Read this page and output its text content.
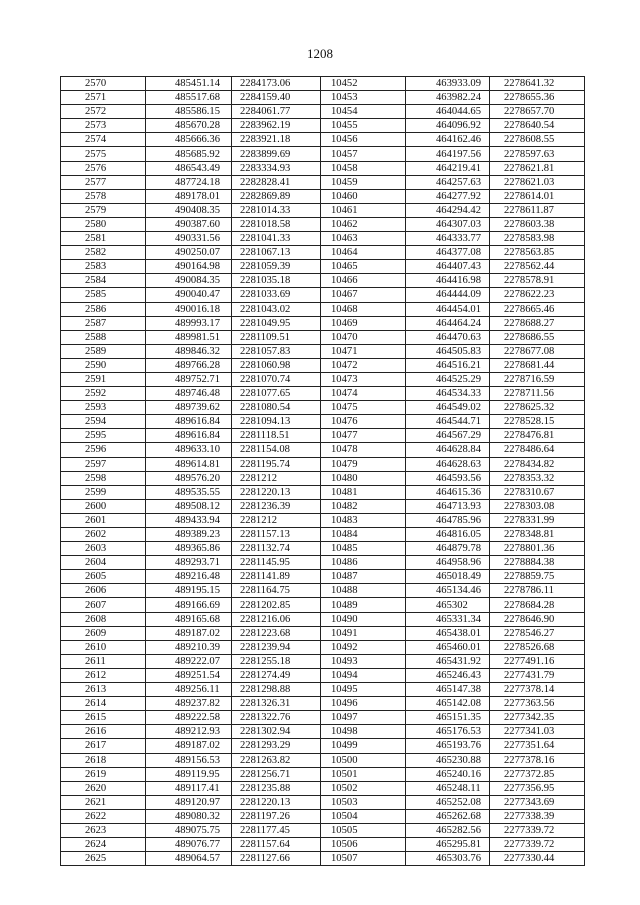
1208
2570	485451.14	2284173.06	10452	463933.09	2278641.32
2571	485517.68	2284159.40	10453	463982.24	2278655.36
2572	485586.15	2284061.77	10454	464044.65	2278657.70
2573	485670.28	2283962.19	10455	464096.92	2278640.54
2574	485666.36	2283921.18	10456	464162.46	2278608.55
2575	485685.92	2283899.69	10457	464197.56	2278597.63
2576	486543.49	2283334.93	10458	464219.41	2278621.81
2577	487724.18	2282828.41	10459	464257.63	2278621.03
2578	489178.01	2282869.89	10460	464277.92	2278614.01
2579	490408.35	2281014.33	10461	464294.42	2278611.87
2580	490387.60	2281018.58	10462	464307.03	2278603.38
2581	490331.56	2281041.33	10463	464333.77	2278583.98
2582	490250.07	2281067.13	10464	464377.08	2278563.85
2583	490164.98	2281059.39	10465	464407.43	2278562.44
2584	490084.35	2281035.18	10466	464416.98	2278578.91
2585	490040.47	2281033.69	10467	464444.09	2278622.23
2586	490016.18	2281043.02	10468	464454.01	2278665.46
2587	489993.17	2281049.95	10469	464464.24	2278688.27
2588	489981.51	2281109.51	10470	464470.63	2278686.55
2589	489846.32	2281057.83	10471	464505.83	2278677.08
2590	489766.28	2281060.98	10472	464516.21	2278681.44
2591	489752.71	2281070.74	10473	464525.29	2278716.59
2592	489746.48	2281077.65	10474	464534.33	2278711.56
2593	489739.62	2281080.54	10475	464549.02	2278625.32
2594	489616.84	2281094.13	10476	464544.71	2278528.15
2595	489616.84	2281118.51	10477	464567.29	2278476.81
2596	489633.10	2281154.08	10478	464628.84	2278486.64
2597	489614.81	2281195.74	10479	464628.63	2278434.82
2598	489576.20	2281212	10480	464593.56	2278353.32
2599	489535.55	2281220.13	10481	464615.36	2278310.67
2600	489508.12	2281236.39	10482	464713.93	2278303.08
2601	489433.94	2281212	10483	464785.96	2278331.99
2602	489389.23	2281157.13	10484	464816.05	2278348.81
2603	489365.86	2281132.74	10485	464879.78	2278801.36
2604	489293.71	2281145.95	10486	464958.96	2278884.38
2605	489216.48	2281141.89	10487	465018.49	2278859.75
2606	489195.15	2281164.75	10488	465134.46	2278786.11
2607	489166.69	2281202.85	10489	465302	2278684.28
2608	489165.68	2281216.06	10490	465331.34	2278646.90
2609	489187.02	2281223.68	10491	465438.01	2278546.27
2610	489210.39	2281239.94	10492	465460.01	2278526.68
2611	489222.07	2281255.18	10493	465431.92	2277491.16
2612	489251.54	2281274.49	10494	465246.43	2277431.79
2613	489256.11	2281298.88	10495	465147.38	2277378.14
2614	489237.82	2281326.31	10496	465142.08	2277363.56
2615	489222.58	2281322.76	10497	465151.35	2277342.35
2616	489212.93	2281302.94	10498	465176.53	2277341.03
2617	489187.02	2281293.29	10499	465193.76	2277351.64
2618	489156.53	2281263.82	10500	465230.88	2277378.16
2619	489119.95	2281256.71	10501	465240.16	2277372.85
2620	489117.41	2281235.88	10502	465248.11	2277356.95
2621	489120.97	2281220.13	10503	465252.08	2277343.69
2622	489080.32	2281197.26	10504	465262.68	2277338.39
2623	489075.75	2281177.45	10505	465282.56	2277339.72
2624	489076.77	2281157.64	10506	465295.81	2277339.72
2625	489064.57	2281127.66	10507	465303.76	2277330.44
